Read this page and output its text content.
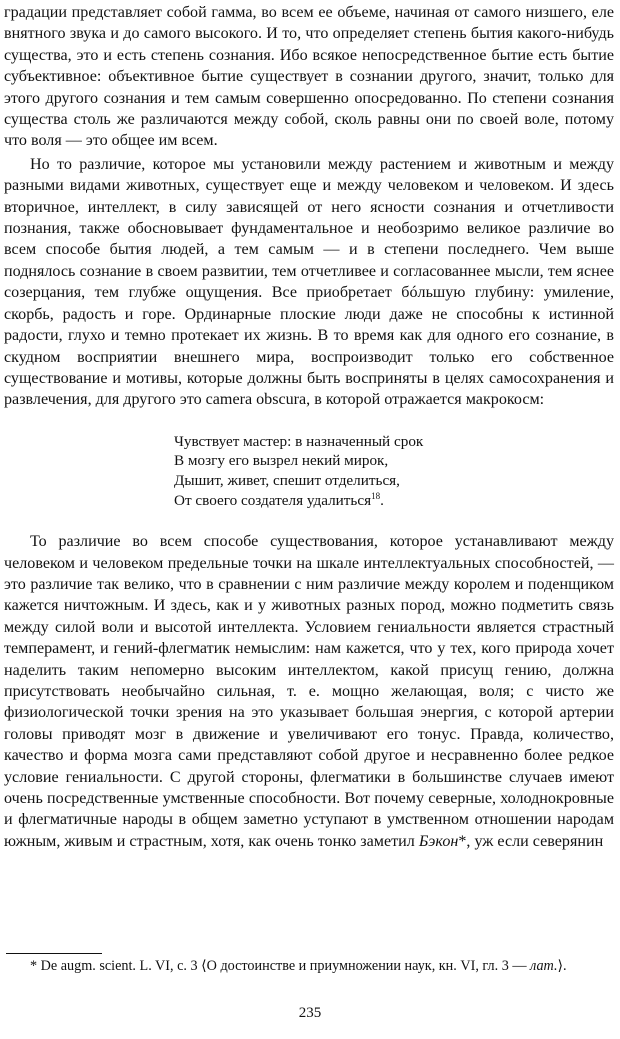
градации представляет собой гамма, во всем ее объеме, начиная от самого низшего, еле внятного звука и до самого высокого. И то, что определяет степень бытия какого-нибудь существа, это и есть степень сознания. Ибо всякое непосредственное бытие есть бытие субъективное: объективное бытие существует в сознании другого, значит, только для этого другого сознания и тем самым совершенно опосредованно. По степени сознания существа столь же различаются между собой, сколь равны они по своей воле, потому что воля — это общее им всем.

Но то различие, которое мы установили между растением и животным и между разными видами животных, существует еще и между человеком и человеком. И здесь вторичное, интеллект, в силу зависящей от него ясности сознания и отчетливости познания, также обосновывает фундаментальное и необозримо великое различие во всем способе бытия людей, а тем самым — и в степени последнего. Чем выше поднялось сознание в своем развитии, тем отчетливее и согласованнее мысли, тем яснее созерцания, тем глубже ощущения. Все приобретает бóльшую глубину: умиление, скорбь, радость и горе. Ординарные плоские люди даже не способны к истинной радости, глухо и темно протекает их жизнь. В то время как для одного его сознание, в скудном восприятии внешнего мира, воспроизводит только его собственное существование и мотивы, которые должны быть восприняты в целях самосохранения и развлечения, для другого это camera obscura, в которой отражается макрокосм:

Чувствует мастер: в назначенный срок
В мозгу его вызрел некий мирок,
Дышит, живет, спешит отделиться,
От своего создателя удалиться$^{18}$.

То различие во всем способе существования, которое устанавливают между человеком и человеком предельные точки на шкале интеллектуальных способностей, — это различие так велико, что в сравнении с ним различие между королем и поденщиком кажется ничтожным. И здесь, как и у животных разных пород, можно подметить связь между силой воли и высотой интеллекта. Условием гениальности является страстный темперамент, и гений-флегматик немыслим: нам кажется, что у тех, кого природа хочет наделить таким непомерно высоким интеллектом, какой присущ гению, должна присутствовать необычайно сильная, т. е. мощно желающая, воля; с чисто же физиологической точки зрения на это указывает большая энергия, с которой артерии головы приводят мозг в движение и увеличивают его тонус. Правда, количество, качество и форма мозга сами представляют собой другое и несравненно более редкое условие гениальности. С другой стороны, флегматики в большинстве случаев имеют очень посредственные умственные способности. Вот почему северные, холоднокровные и флегматичные народы в общем заметно уступают в умственном отношении народам южным, живым и страстным, хотя, как очень тонко заметил Бэкон*, уж если северянин

* De augm. scient. L. VI, c. 3 ⟨О достоинстве и приумножении наук, кн. VI, гл. 3 — лат.⟩.
235
